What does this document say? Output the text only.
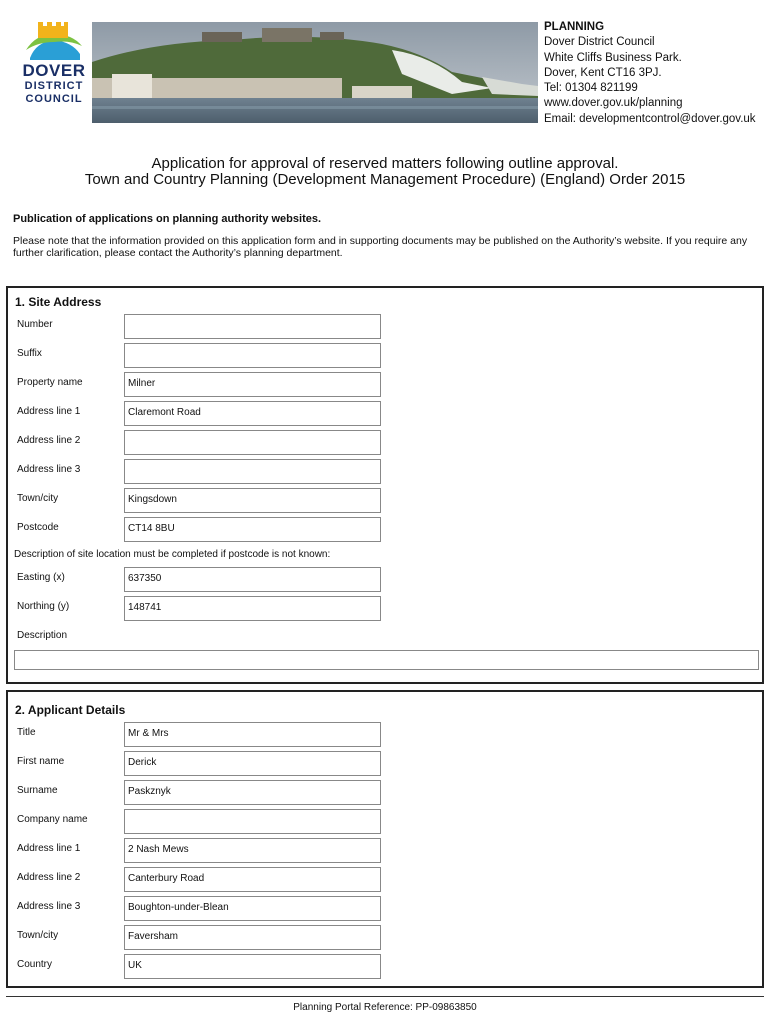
DOVER
DISTRICT
COUNCIL
PLANNING
Dover District Council
White Cliffs Business Park.
Dover, Kent CT16 3PJ.
Tel: 01304 821199
www.dover.gov.uk/planning
Email: developmentcontrol@dover.gov.uk
Application for approval of reserved matters following outline approval.
Town and Country Planning (Development Management Procedure) (England) Order 2015
Publication of applications on planning authority websites.
Please note that the information provided on this application form and in supporting documents may be published on the Authority’s website. If you require any further clarification, please contact the Authority’s planning department.
1. Site Address
Number
Suffix
Property name	Milner
Address line 1	Claremont Road
Address line 2
Address line 3
Town/city	Kingsdown
Postcode	CT14 8BU
Description of site location must be completed if postcode is not known:
Easting (x)	637350
Northing (y)	148741
Description
2. Applicant Details
Title	Mr & Mrs
First name	Derick
Surname	Paskznyk
Company name
Address line 1	2 Nash Mews
Address line 2	Canterbury Road
Address line 3	Boughton-under-Blean
Town/city	Faversham
Country	UK
Planning Portal Reference: PP-09863850
